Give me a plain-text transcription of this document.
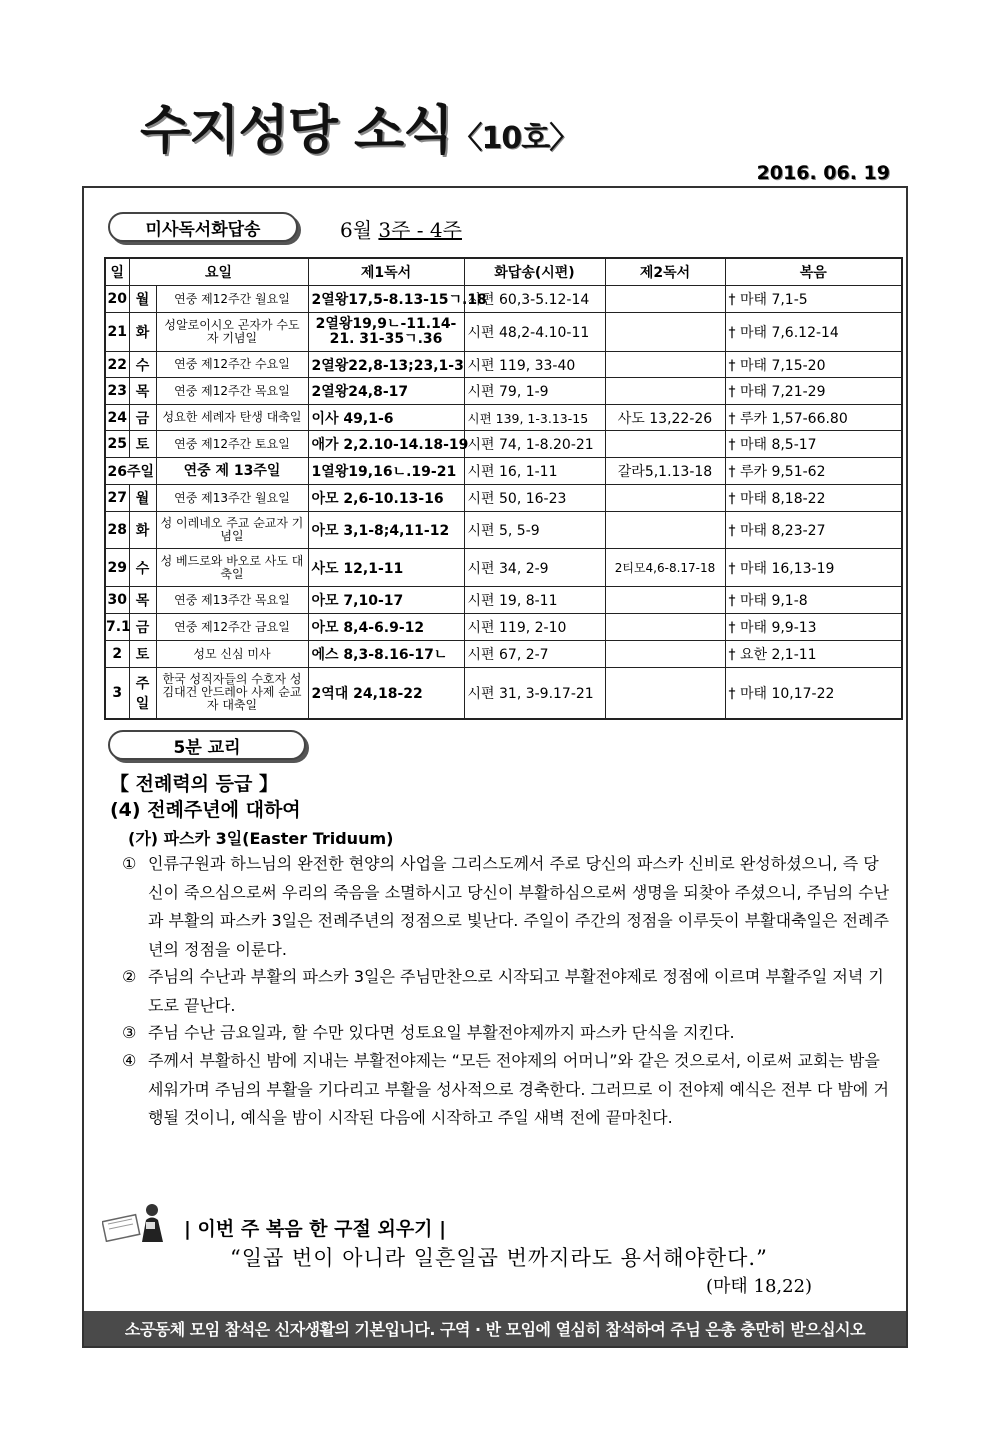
수지성당 소식〈10호〉
2016. 06. 19
미사독서화답송	6월 3주 - 4주
일	요일		제1독서	화답송(시편)	제2독서	복음
20	월	연중 제12주간 월요일	2열왕17,5-8.13-15ㄱ.18	시편 60,3-5.12-14		† 마태 7,1-5
21	화	성알로이시오 곤자가 수도자 기념일	2열왕19,9ㄴ-11.14-21. 31-35ㄱ.36	시편 48,2-4.10-11		† 마태 7,6.12-14
22	수	연중 제12주간 수요일	2열왕22,8-13;23,1-3	시편 119, 33-40		† 마태 7,15-20
23	목	연중 제12주간 목요일	2열왕24,8-17	시편 79, 1-9		† 마태 7,21-29
24	금	성요한 세례자 탄생 대축일	이사 49,1-6	시편 139, 1-3.13-15	사도 13,22-26	† 루카 1,57-66.80
25	토	연중 제12주간 토요일	애가 2,2.10-14.18-19	시편 74, 1-8.20-21		† 마태 8,5-17
26주일		연중 제 13주일	1열왕19,16ㄴ.19-21	시편 16, 1-11	갈라5,1.13-18	† 루카 9,51-62
27	월	연중 제13주간 월요일	아모 2,6-10.13-16	시편 50, 16-23		† 마태 8,18-22
28	화	성 이레네오 주교 순교자 기념일	아모 3,1-8;4,11-12	시편 5, 5-9		† 마태 8,23-27
29	수	성 베드로와 바오로 사도 대축일	사도 12,1-11	시편 34, 2-9	2티모4,6-8.17-18	† 마태 16,13-19
30	목	연중 제13주간 목요일	아모 7,10-17	시편 19, 8-11		† 마태 9,1-8
7.1	금	연중 제12주간 금요일	아모 8,4-6.9-12	시편 119, 2-10		† 마태 9,9-13
2	토	성모 신심 미사	에스 8,3-8.16-17ㄴ	시편 67, 2-7		† 요한 2,1-11
3	주일	한국 성직자들의 수호자 성 김대건 안드레아 사제 순교자 대축일	2역대 24,18-22	시편 31, 3-9.17-21		† 마태 10,17-22
5분 교리
【 전례력의 등급 】
(4) 전례주년에 대하여
(가) 파스카 3일(Easter Triduum)
① 인류구원과 하느님의 완전한 현양의 사업을 그리스도께서 주로 당신의 파스카 신비로 완성하셨으니, 즉 당신이 죽으심으로써 우리의 죽음을 소멸하시고 당신이 부활하심으로써 생명을 되찾아 주셨으니, 주님의 수난과 부활의 파스카 3일은 전례주년의 정점으로 빛난다. 주일이 주간의 정점을 이루듯이 부활대축일은 전례주년의 정점을 이룬다.
② 주님의 수난과 부활의 파스카 3일은 주님만찬으로 시작되고 부활전야제로 정점에 이르며 부활주일 저녁 기도로 끝난다.
③ 주님 수난 금요일과, 할 수만 있다면 성토요일 부활전야제까지 파스카 단식을 지킨다.
④ 주께서 부활하신 밤에 지내는 부활전야제는 “모든 전야제의 어머니”와 같은 것으로서, 이로써 교회는 밤을 세워가며 주님의 부활을 기다리고 부활을 성사적으로 경축한다. 그러므로 이 전야제 예식은 전부 다 밤에 거행될 것이니, 예식을 밤이 시작된 다음에 시작하고 주일 새벽 전에 끝마친다.
| 이번 주 복음 한 구절 외우기 |
“일곱 번이 아니라 일흔일곱 번까지라도 용서해야한다.”
(마태 18,22)
소공동체 모임 참석은 신자생활의 기본입니다. 구역 · 반 모임에 열심히 참석하여 주님 은총 충만히 받으십시오
